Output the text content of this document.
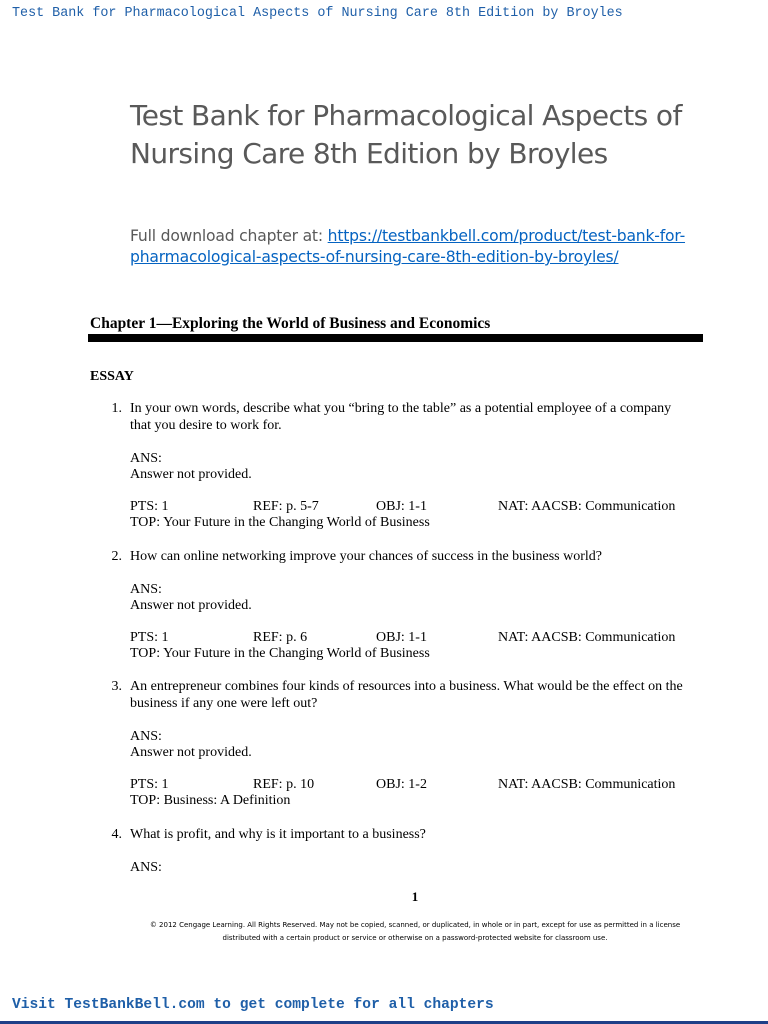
Test Bank for Pharmacological Aspects of Nursing Care 8th Edition by Broyles
Test Bank for Pharmacological Aspects of Nursing Care 8th Edition by Broyles
Full download chapter at: https://testbankbell.com/product/test-bank-for-pharmacological-aspects-of-nursing-care-8th-edition-by-broyles/
Chapter 1—Exploring the World of Business and Economics
ESSAY
1. In your own words, describe what you “bring to the table” as a potential employee of a company that you desire to work for.
ANS:
Answer not provided.
PTS: 1	REF: p. 5-7	OBJ: 1-1	NAT: AACSB: Communication
TOP: Your Future in the Changing World of Business
2. How can online networking improve your chances of success in the business world?
ANS:
Answer not provided.
PTS: 1	REF: p. 6	OBJ: 1-1	NAT: AACSB: Communication
TOP: Your Future in the Changing World of Business
3. An entrepreneur combines four kinds of resources into a business. What would be the effect on the business if any one were left out?
ANS:
Answer not provided.
PTS: 1	REF: p. 10	OBJ: 1-2	NAT: AACSB: Communication
TOP: Business: A Definition
4. What is profit, and why is it important to a business?
ANS:
1
© 2012 Cengage Learning. All Rights Reserved. May not be copied, scanned, or duplicated, in whole or in part, except for use as permitted in a license distributed with a certain product or service or otherwise on a password-protected website for classroom use.
Visit TestBankBell.com to get complete for all chapters
